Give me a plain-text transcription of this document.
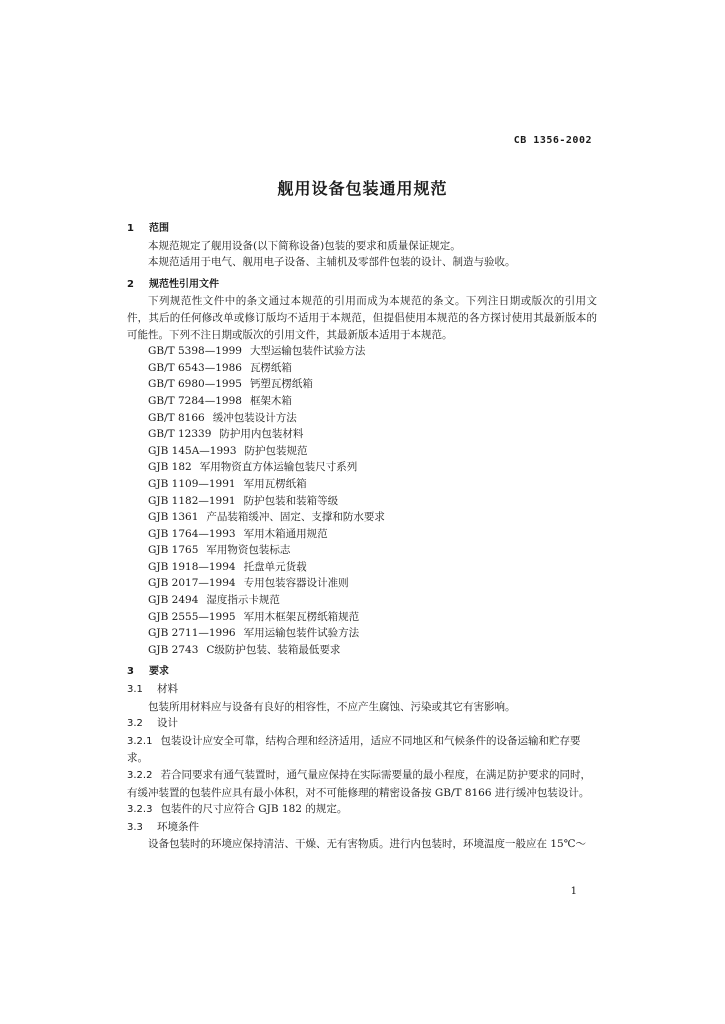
CB 1356-2002
舰用设备包装通用规范
1 范围
本规范规定了舰用设备(以下简称设备)包装的要求和质量保证规定。
本规范适用于电气、舰用电子设备、主辅机及零部件包装的设计、制造与验收。
2 规范性引用文件
下列规范性文件中的条文通过本规范的引用而成为本规范的条文。下列注日期或版次的引用文件，其后的任何修改单或修订版均不适用于本规范，但提倡使用本规范的各方探讨使用其最新版本的可能性。下列不注日期或版次的引用文件，其最新版本适用于本规范。
GB/T 5398—1999 大型运输包装件试验方法
GB/T 6543—1986 瓦楞纸箱
GB/T 6980—1995 钙塑瓦楞纸箱
GB/T 7284—1998 框架木箱
GB/T 8166 缓冲包装设计方法
GB/T 12339 防护用内包装材料
GJB 145A—1993 防护包装规范
GJB 182 军用物资直方体运输包装尺寸系列
GJB 1109—1991 军用瓦楞纸箱
GJB 1182—1991 防护包装和装箱等级
GJB 1361 产品装箱缓冲、固定、支撑和防水要求
GJB 1764—1993 军用木箱通用规范
GJB 1765 军用物资包装标志
GJB 1918—1994 托盘单元货载
GJB 2017—1994 专用包装容器设计准则
GJB 2494 湿度指示卡规范
GJB 2555—1995 军用木框架瓦楞纸箱规范
GJB 2711—1996 军用运输包装件试验方法
GJB 2743 C级防护包装、装箱最低要求
3 要求
3.1 材料
包装所用材料应与设备有良好的相容性，不应产生腐蚀、污染或其它有害影响。
3.2 设计
3.2.1 包装设计应安全可靠，结构合理和经济适用，适应不同地区和气候条件的设备运输和贮存要求。
3.2.2 若合同要求有通气装置时，通气量应保持在实际需要量的最小程度，在满足防护要求的同时，有缓冲装置的包装件应具有最小体积，对不可能修理的精密设备按 GB/T 8166 进行缓冲包装设计。
3.2.3 包装件的尺寸应符合 GJB 182 的规定。
3.3 环境条件
设备包装时的环境应保持清洁、干燥、无有害物质。进行内包装时，环境温度一般应在 15℃～
1
